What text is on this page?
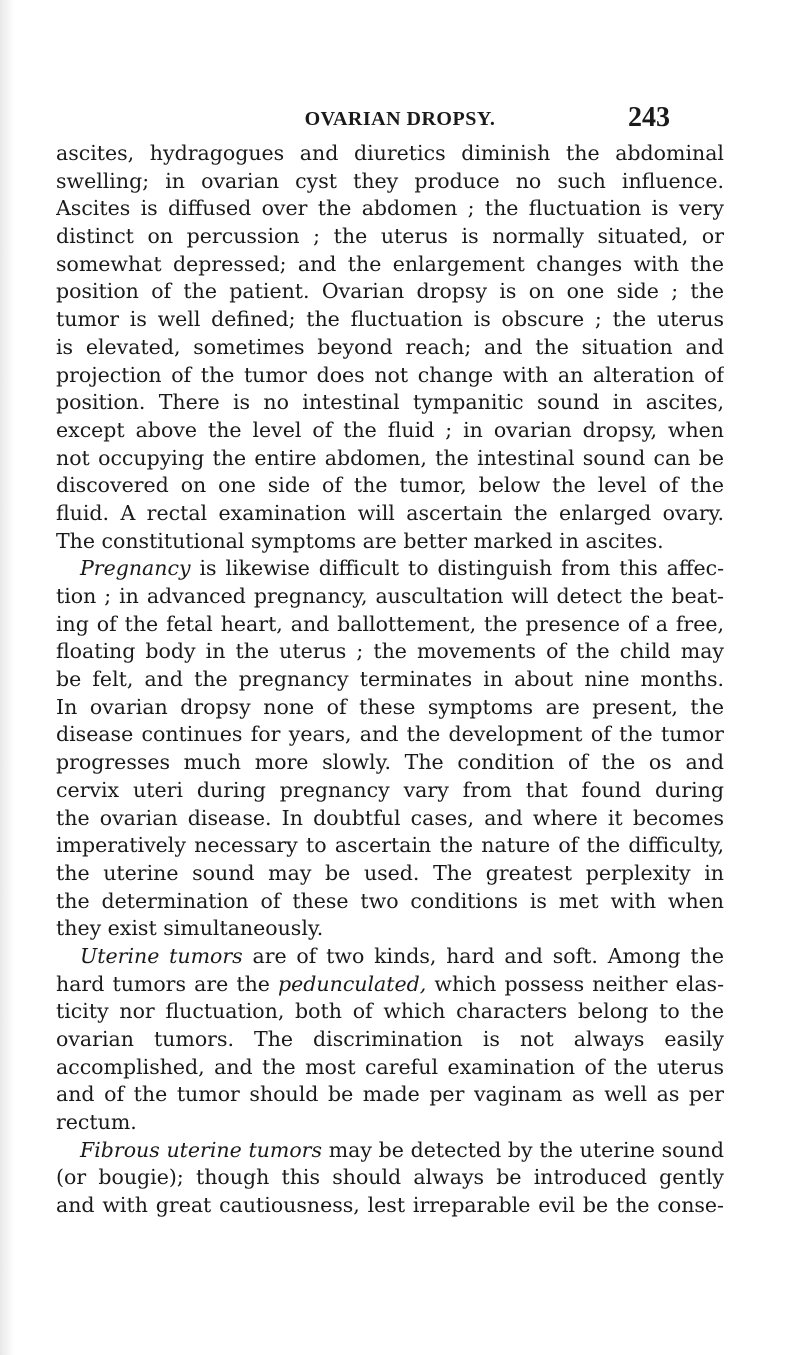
OVARIAN DROPSY.	243
ascites, hydragogues and diuretics diminish the abdominal
swelling; in ovarian cyst they produce no such influence.
Ascites is diffused over the abdomen ; the fluctuation is very
distinct on percussion ; the uterus is normally situated, or
somewhat depressed; and the enlargement changes with the
position of the patient. Ovarian dropsy is on one side ; the
tumor is well defined; the fluctuation is obscure ; the uterus
is elevated, sometimes beyond reach; and the situation and
projection of the tumor does not change with an alteration of
position. There is no intestinal tympanitic sound in ascites,
except above the level of the fluid ; in ovarian dropsy, when
not occupying the entire abdomen, the intestinal sound can be
discovered on one side of the tumor, below the level of the
fluid. A rectal examination will ascertain the enlarged ovary.
The constitutional symptoms are better marked in ascites.
Pregnancy is likewise difficult to distinguish from this affec-
tion ; in advanced pregnancy, auscultation will detect the beat-
ing of the fetal heart, and ballottement, the presence of a free,
floating body in the uterus ; the movements of the child may
be felt, and the pregnancy terminates in about nine months.
In ovarian dropsy none of these symptoms are present, the
disease continues for years, and the development of the tumor
progresses much more slowly. The condition of the os and
cervix uteri during pregnancy vary from that found during
the ovarian disease. In doubtful cases, and where it becomes
imperatively necessary to ascertain the nature of the difficulty,
the uterine sound may be used. The greatest perplexity in
the determination of these two conditions is met with when
they exist simultaneously.
Uterine tumors are of two kinds, hard and soft. Among the
hard tumors are the pedunculated, which possess neither elas-
ticity nor fluctuation, both of which characters belong to the
ovarian tumors. The discrimination is not always easily
accomplished, and the most careful examination of the uterus
and of the tumor should be made per vaginam as well as per
rectum.
Fibrous uterine tumors may be detected by the uterine sound
(or bougie); though this should always be introduced gently
and with great cautiousness, lest irreparable evil be the conse-
